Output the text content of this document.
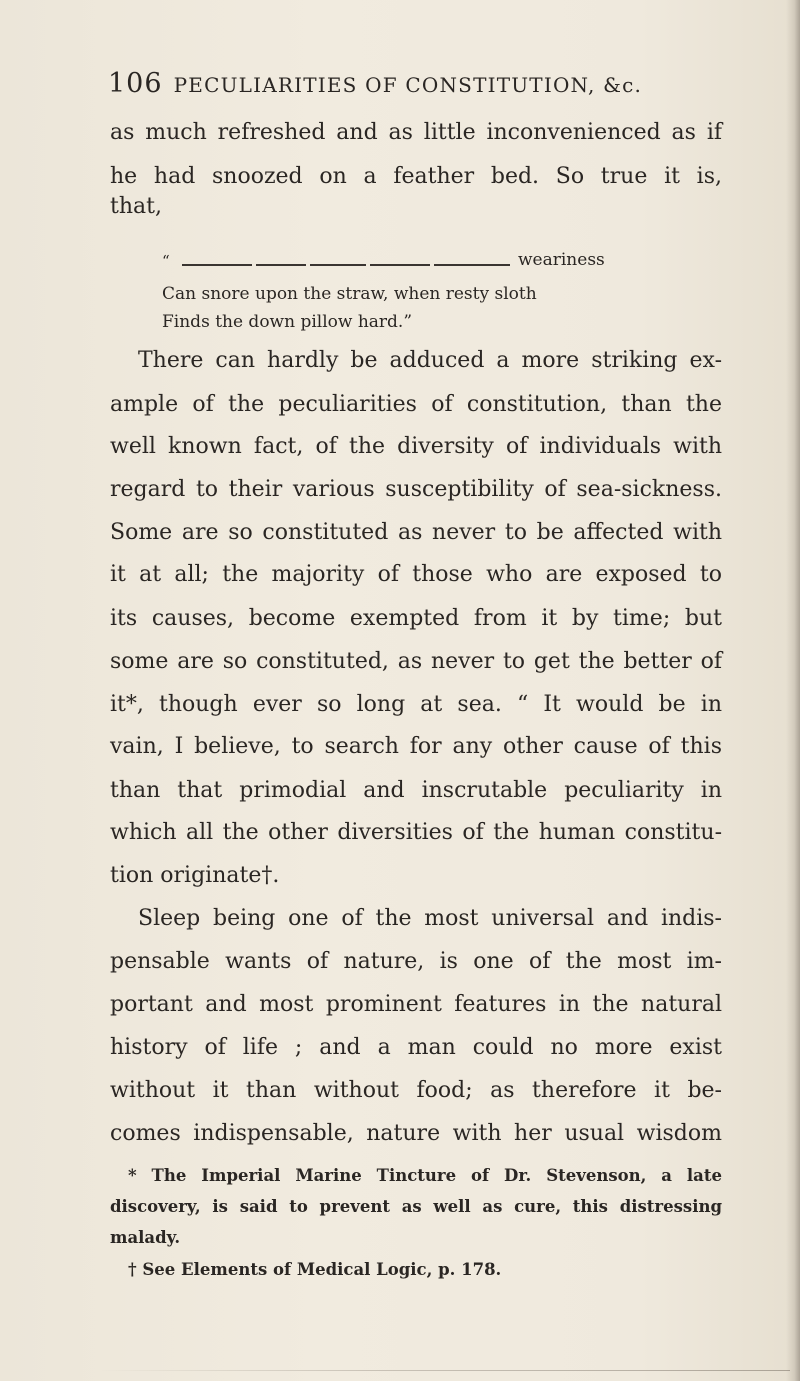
106 PECULIARITIES OF CONSTITUTION, &c.
as much refreshed and as little inconvenienced as if
he had snoozed on a feather bed. So true it is,
that,
“	weariness
Can snore upon the straw, when resty sloth
Finds the down pillow hard.”
There can hardly be adduced a more striking ex-
ample of the peculiarities of constitution, than the
well known fact, of the diversity of individuals with
regard to their various susceptibility of sea-sickness.
Some are so constituted as never to be affected with
it at all; the majority of those who are exposed to
its causes, become exempted from it by time; but
some are so constituted, as never to get the better of
it*, though ever so long at sea. “ It would be in
vain, I believe, to search for any other cause of this
than that primodial and inscrutable peculiarity in
which all the other diversities of the human constitu-
tion originate†.
Sleep being one of the most universal and indis-
pensable wants of nature, is one of the most im-
portant and most prominent features in the natural
history of life ; and a man could no more exist
without it than without food; as therefore it be-
comes indispensable, nature with her usual wisdom
* The Imperial Marine Tincture of Dr. Stevenson, a late
discovery, is said to prevent as well as cure, this distressing
malady.
† See Elements of Medical Logic, p. 178.
